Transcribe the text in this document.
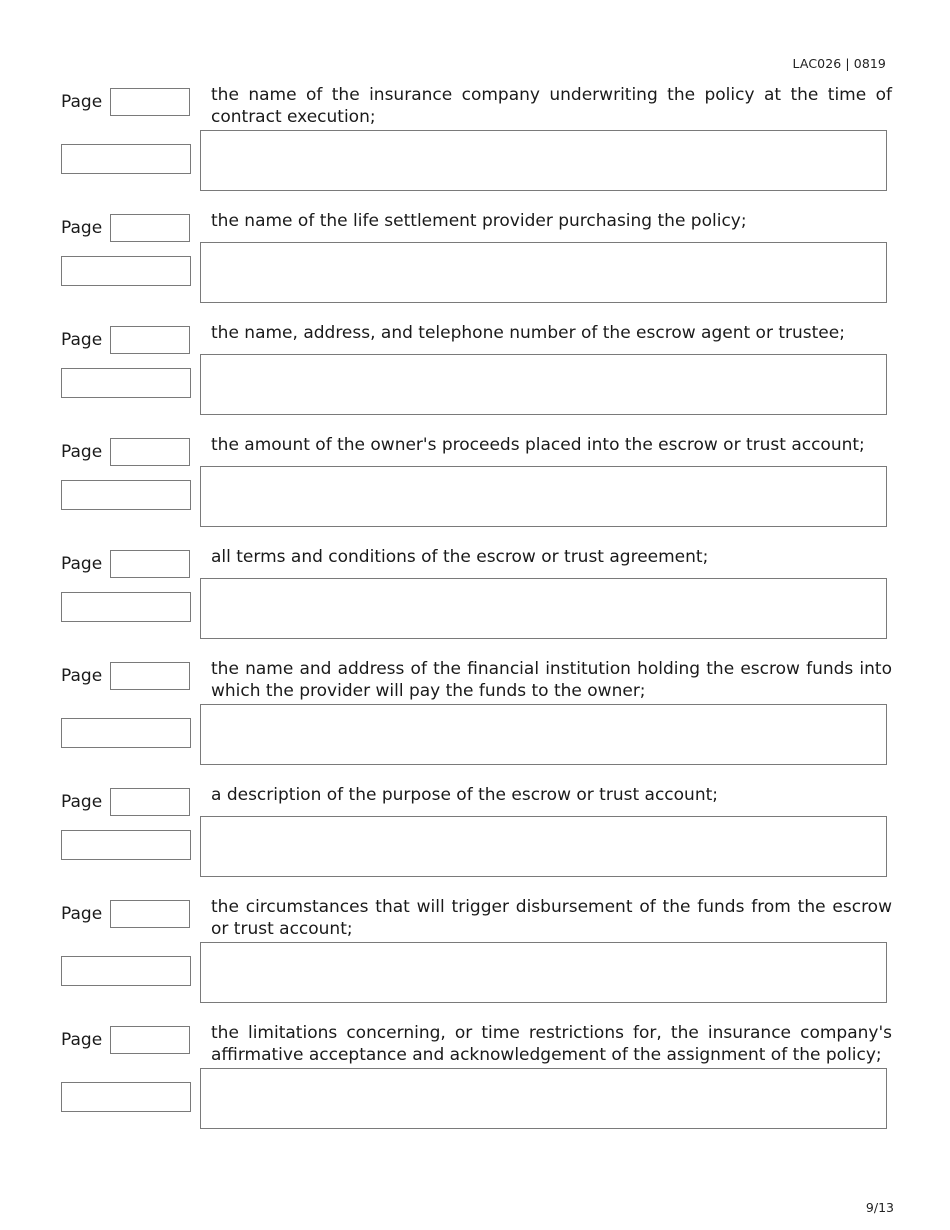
LAC026 | 0819
Page	the name of the insurance company underwriting the policy at the time of contract execution;
Page	the name of the life settlement provider purchasing the policy;
Page	the name, address, and telephone number of the escrow agent or trustee;
Page	the amount of the owner's proceeds placed into the escrow or trust account;
Page	all terms and conditions of the escrow or trust agreement;
Page	the name and address of the financial institution holding the escrow funds into which the provider will pay the funds to the owner;
Page	a description of the purpose of the escrow or trust account;
Page	the circumstances that will trigger disbursement of the funds from the escrow or trust account;
Page	the limitations concerning, or time restrictions for, the insurance company's affirmative acceptance and acknowledgement of the assignment of the policy;
9/13
